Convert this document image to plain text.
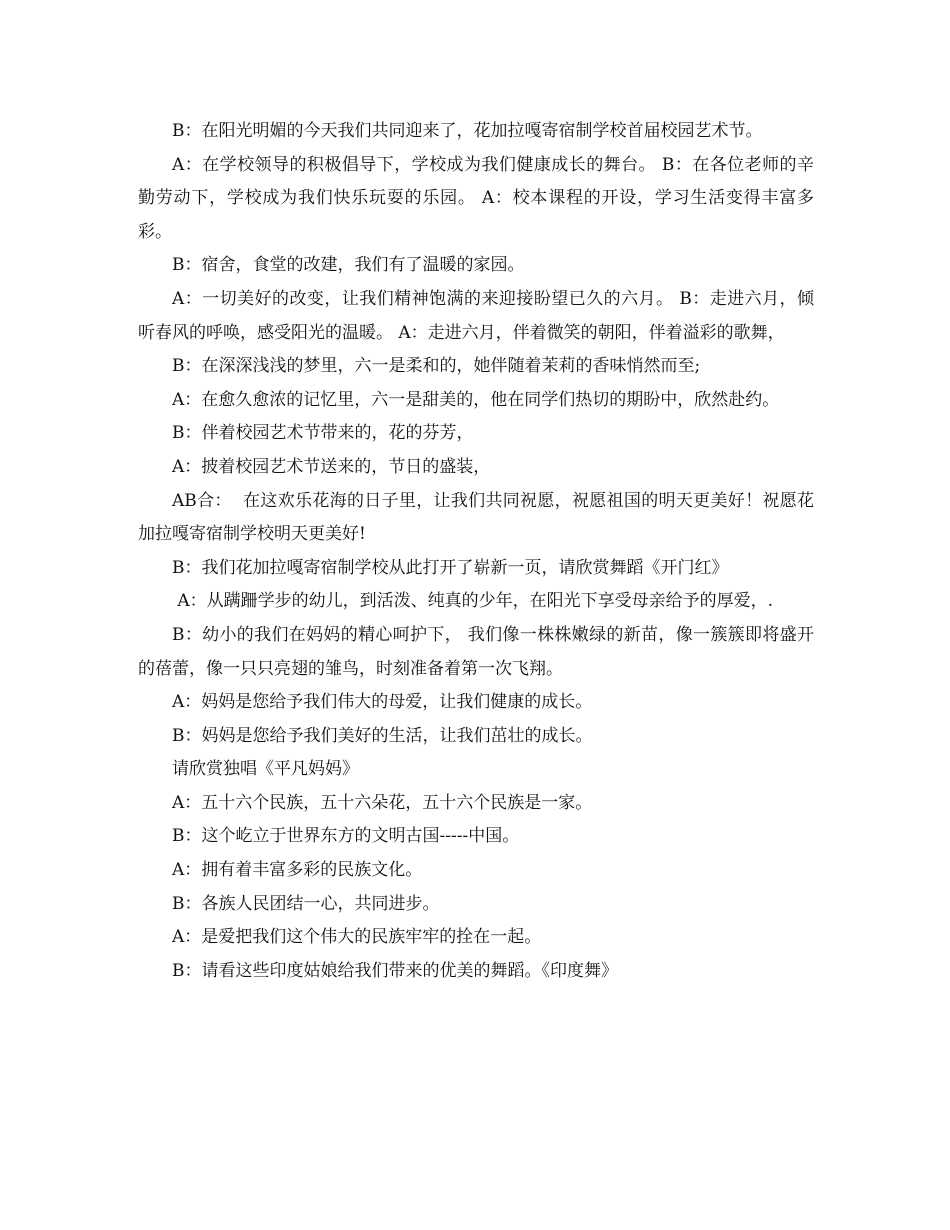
B：在阳光明媚的今天我们共同迎来了，花加拉嘎寄宿制学校首届校园艺术节。

A：在学校领导的积极倡导下，学校成为我们健康成长的舞台。 B：在各位老师的辛勤劳动下，学校成为我们快乐玩耍的乐园。 A：校本课程的开设，学习生活变得丰富多彩。

B：宿舍，食堂的改建，我们有了温暖的家园。

A：一切美好的改变，让我们精神饱满的来迎接盼望已久的六月。 B：走进六月，倾听春风的呼唤，感受阳光的温暖。 A：走进六月，伴着微笑的朝阳，伴着溢彩的歌舞，

B：在深深浅浅的梦里，六一是柔和的，她伴随着茉莉的香味悄然而至;

A：在愈久愈浓的记忆里，六一是甜美的，他在同学们热切的期盼中，欣然赴约。

B：伴着校园艺术节带来的，花的芬芳，

A：披着校园艺术节送来的，节日的盛装，

AB合：  在这欢乐花海的日子里，让我们共同祝愿，祝愿祖国的明天更美好！祝愿花加拉嘎寄宿制学校明天更美好!

B：我们花加拉嘎寄宿制学校从此打开了崭新一页，请欣赏舞蹈《开门红》

A：从蹒跚学步的幼儿，到活泼、纯真的少年，在阳光下享受母亲给予的厚爱，.

B：幼小的我们在妈妈的精心呵护下， 我们像一株株嫩绿的新苗，像一簇簇即将盛开的蓓蕾，像一只只亮翅的雏鸟，时刻准备着第一次飞翔。

A：妈妈是您给予我们伟大的母爱，让我们健康的成长。

B：妈妈是您给予我们美好的生活，让我们茁壮的成长。

请欣赏独唱《平凡妈妈》

A：五十六个民族，五十六朵花，五十六个民族是一家。

B：这个屹立于世界东方的文明古国-----中国。

A：拥有着丰富多彩的民族文化。

B：各族人民团结一心，共同进步。

A：是爱把我们这个伟大的民族牢牢的拴在一起。

B：请看这些印度姑娘给我们带来的优美的舞蹈。《印度舞》
